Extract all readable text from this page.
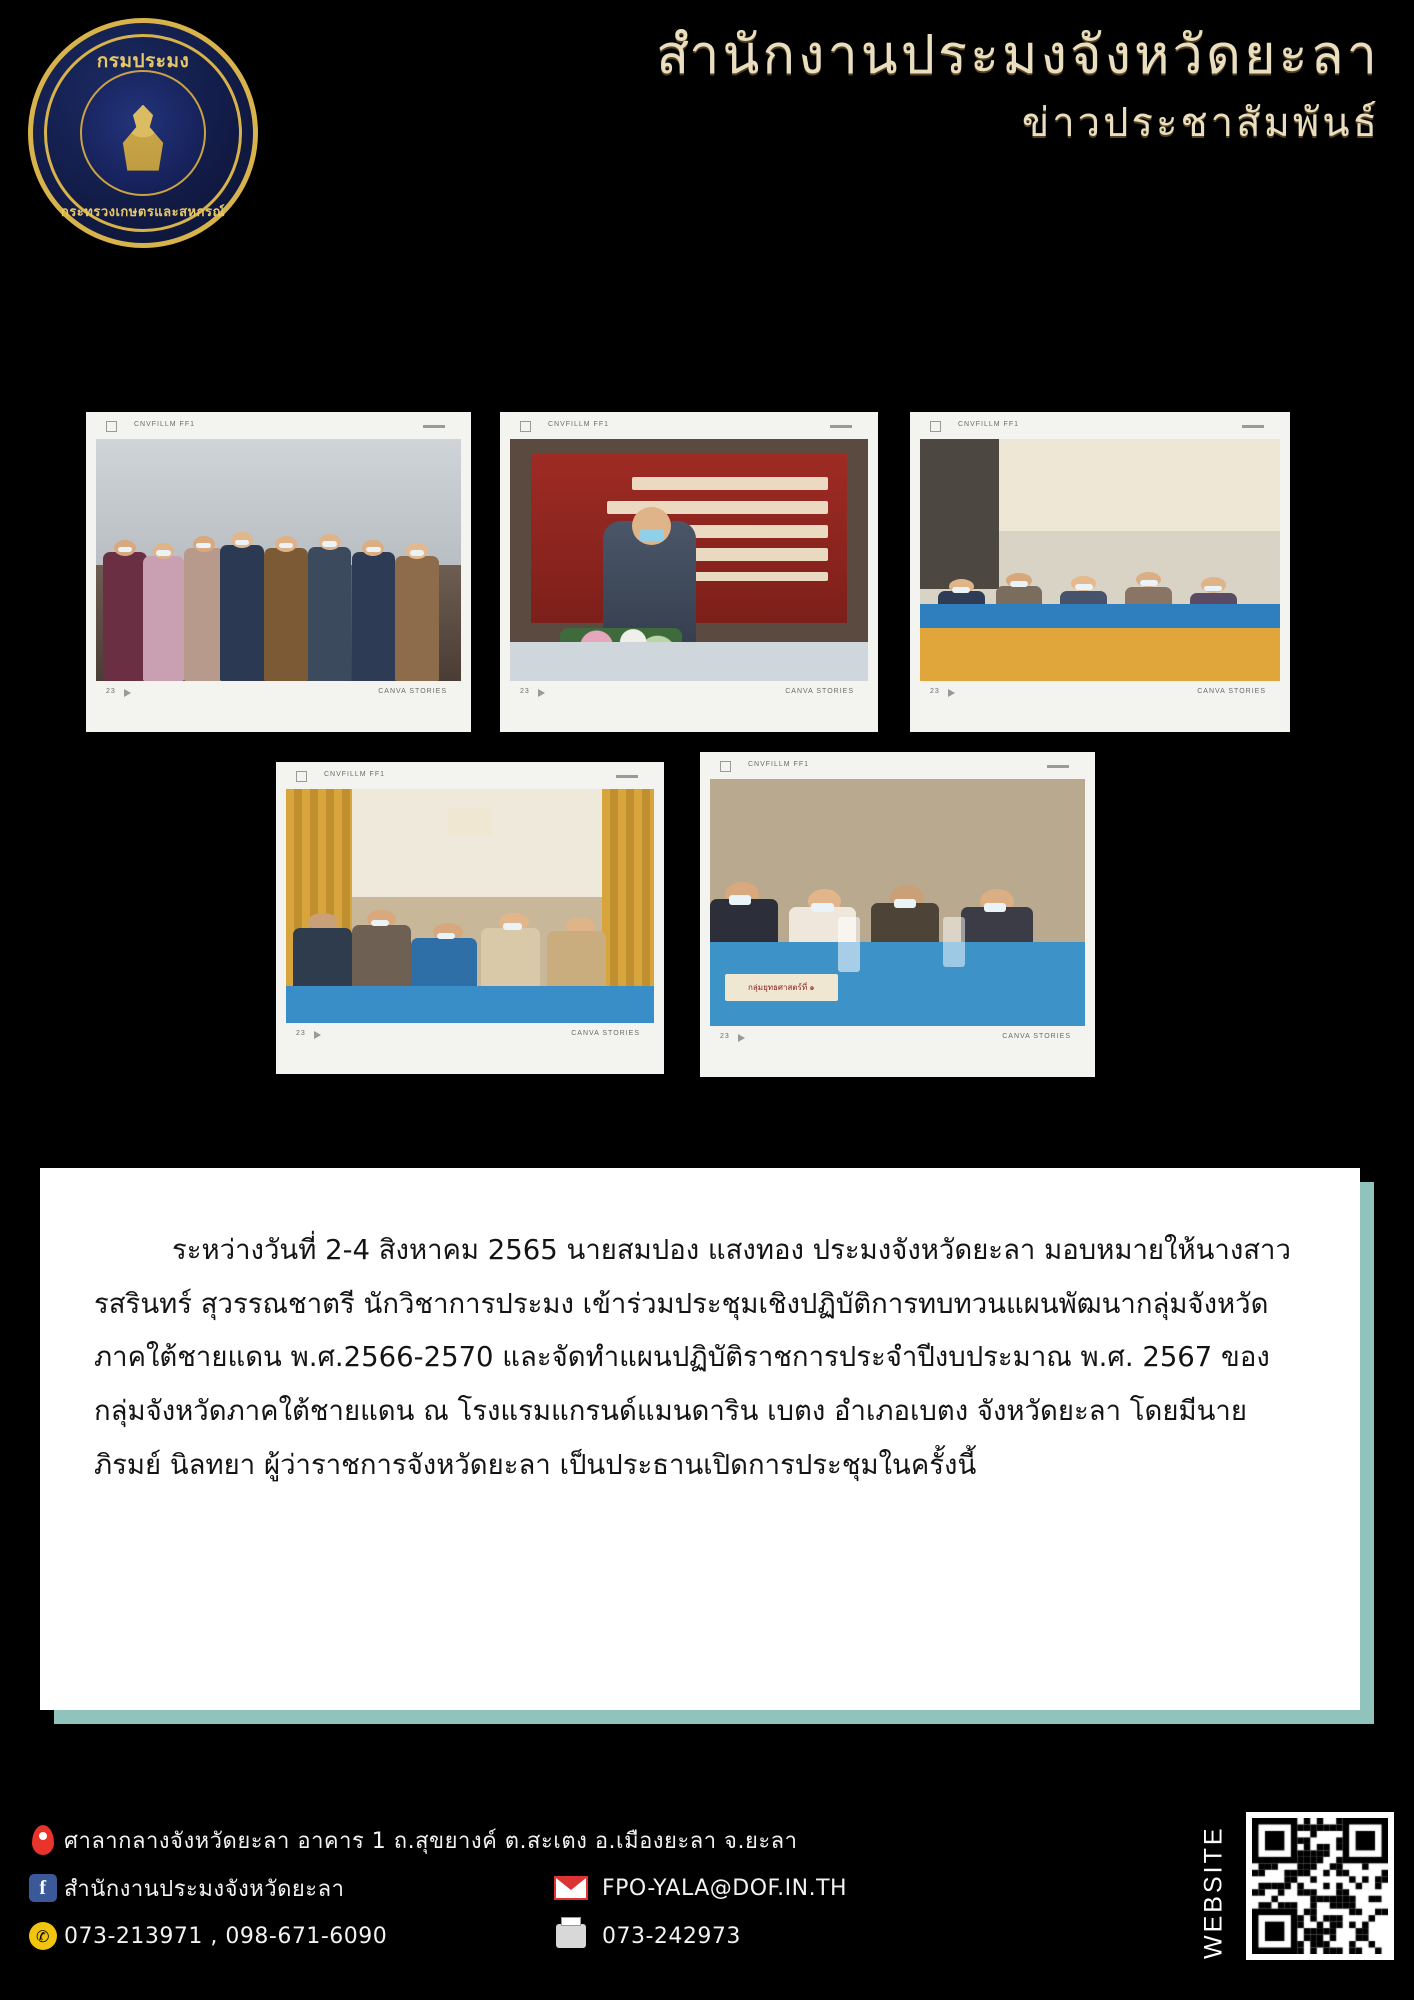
กรมประมง
กระทรวงเกษตรและสหกรณ์
สำนักงานประมงจังหวัดยะลา
ข่าวประชาสัมพันธ์
CNVFILLM FF1
23	CANVA STORIES
CNVFILLM FF1
23	CANVA STORIES
CNVFILLM FF1
23	CANVA STORIES
CNVFILLM FF1
23	CANVA STORIES
CNVFILLM FF1
กลุ่มยุทธศาสตร์ที่ ๑
23	CANVA STORIES

ระหว่างวันที่ 2-4 สิงหาคม 2565 นายสมปอง แสงทอง ประมงจังหวัดยะลา มอบหมายให้นางสาวรสรินทร์ สุวรรณชาตรี นักวิชาการประมง เข้าร่วมประชุมเชิงปฏิบัติการทบทวนแผนพัฒนากลุ่มจังหวัดภาคใต้ชายแดน พ.ศ.2566-2570 และจัดทำแผนปฏิบัติราชการประจำปีงบประมาณ พ.ศ. 2567 ของกลุ่มจังหวัดภาคใต้ชายแดน ณ โรงแรมแกรนด์แมนดาริน เบตง อำเภอเบตง จังหวัดยะลา โดยมีนายภิรมย์ นิลทยา ผู้ว่าราชการจังหวัดยะลา เป็นประธานเปิดการประชุมในครั้งนี้

ศาลากลางจังหวัดยะลา อาคาร 1 ถ.สุขยางค์ ต.สะเตง อ.เมืองยะลา จ.ยะลา
f สำนักงานประมงจังหวัดยะลา	FPO-YALA@DOF.IN.TH
✆ 073-213971 , 098-671-6090	073-242973	WEBSITE
